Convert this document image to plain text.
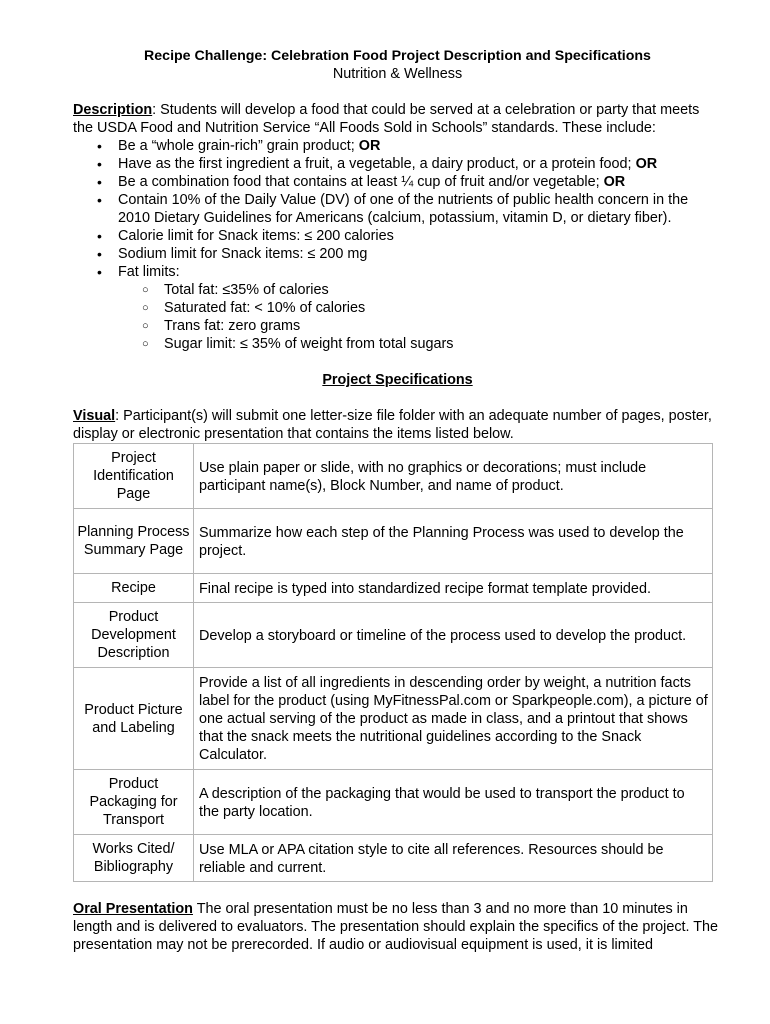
Recipe Challenge: Celebration Food Project Description and Specifications
Nutrition & Wellness
Description: Students will develop a food that could be served at a celebration or party that meets the USDA Food and Nutrition Service “All Foods Sold in Schools” standards. These include:
• Be a “whole grain-rich” grain product; OR
• Have as the first ingredient a fruit, a vegetable, a dairy product, or a protein food; OR
• Be a combination food that contains at least ¼ cup of fruit and/or vegetable; OR
• Contain 10% of the Daily Value (DV) of one of the nutrients of public health concern in the 2010 Dietary Guidelines for Americans (calcium, potassium, vitamin D, or dietary fiber).
• Calorie limit for Snack items: ≤ 200 calories
• Sodium limit for Snack items: ≤ 200 mg
• Fat limits:
○ Total fat: ≤35% of calories
○ Saturated fat: < 10% of calories
○ Trans fat: zero grams
○ Sugar limit: ≤ 35% of weight from total sugars
Project Specifications
Visual: Participant(s) will submit one letter-size file folder with an adequate number of pages, poster, display or electronic presentation that contains the items listed below.
Project Identification Page	Use plain paper or slide, with no graphics or decorations; must include participant name(s), Block Number, and name of product.
Planning Process Summary Page	Summarize how each step of the Planning Process was used to develop the project.
Recipe	Final recipe is typed into standardized recipe format template provided.
Product Development Description	Develop a storyboard or timeline of the process used to develop the product.
Product Picture and Labeling	Provide a list of all ingredients in descending order by weight, a nutrition facts label for the product (using MyFitnessPal.com or Sparkpeople.com), a picture of one actual serving of the product as made in class, and a printout that shows that the snack meets the nutritional guidelines according to the Snack Calculator.
Product Packaging for Transport	A description of the packaging that would be used to transport the product to the party location.
Works Cited/ Bibliography	Use MLA or APA citation style to cite all references. Resources should be reliable and current.
Oral Presentation The oral presentation must be no less than 3 and no more than 10 minutes in length and is delivered to evaluators. The presentation should explain the specifics of the project. The presentation may not be prerecorded. If audio or audiovisual equipment is used, it is limited
